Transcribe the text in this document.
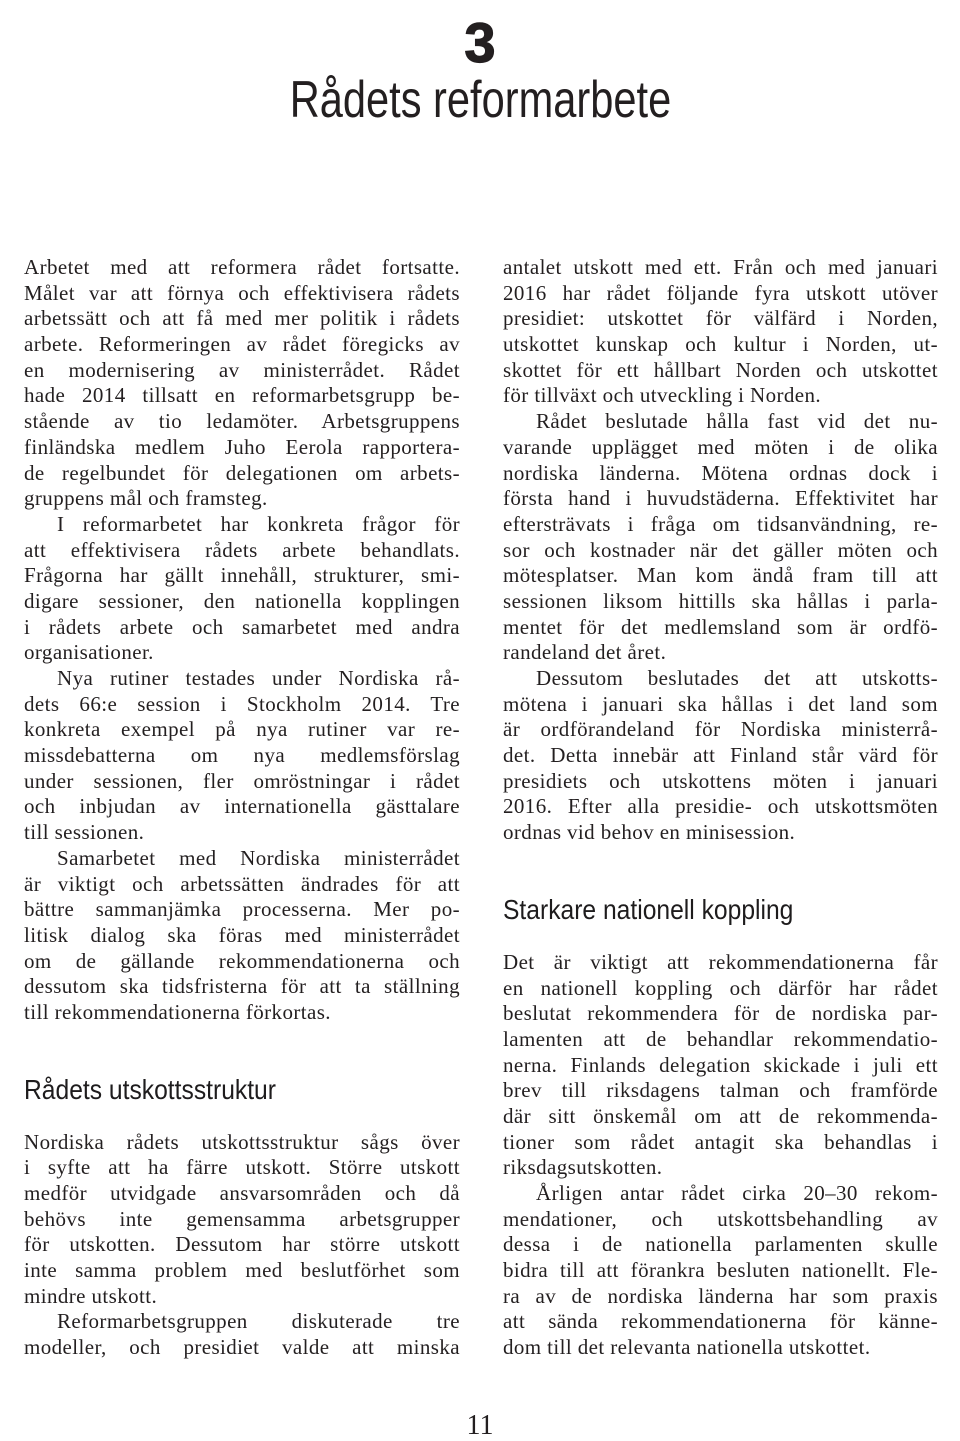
3
Rådets reformarbete
Arbetet med att reformera rådet fortsatte.
Målet var att förnya och effektivisera rådets
arbetssätt och att få med mer politik i rådets
arbete. Reformeringen av rådet föregicks av
en modernisering av ministerrådet. Rådet
hade 2014 tillsatt en reformarbetsgrupp be-
stående av tio ledamöter. Arbetsgruppens
finländska medlem Juho Eerola rapportera-
de regelbundet för delegationen om arbets-
gruppens mål och framsteg.
I reformarbetet har konkreta frågor för
att effektivisera rådets arbete behandlats.
Frågorna har gällt innehåll, strukturer, smi-
digare sessioner, den nationella kopplingen
i rådets arbete och samarbetet med andra
organisationer.
Nya rutiner testades under Nordiska rå-
dets 66:e session i Stockholm 2014. Tre
konkreta exempel på nya rutiner var re-
missdebatterna om nya medlemsförslag
under sessionen, fler omröstningar i rådet
och inbjudan av internationella gästtalare
till sessionen.
Samarbetet med Nordiska ministerrådet
är viktigt och arbetssätten ändrades för att
bättre sammanjämka processerna. Mer po-
litisk dialog ska föras med ministerrådet
om de gällande rekommendationerna och
dessutom ska tidsfristerna för att ta ställning
till rekommendationerna förkortas.
Rådets utskottsstruktur
Nordiska rådets utskottsstruktur sågs över
i syfte att ha färre utskott. Större utskott
medför utvidgade ansvarsområden och då
behövs inte gemensamma arbetsgrupper
för utskotten. Dessutom har större utskott
inte samma problem med beslutförhet som
mindre utskott.
Reformarbetsgruppen diskuterade tre
modeller, och presidiet valde att minska
antalet utskott med ett. Från och med januari
2016 har rådet följande fyra utskott utöver
presidiet: utskottet för välfärd i Norden,
utskottet kunskap och kultur i Norden, ut-
skottet för ett hållbart Norden och utskottet
för tillväxt och utveckling i Norden.
Rådet beslutade hålla fast vid det nu-
varande upplägget med möten i de olika
nordiska länderna. Mötena ordnas dock i
första hand i huvudstäderna. Effektivitet har
eftersträvats i fråga om tidsanvändning, re-
sor och kostnader när det gäller möten och
mötesplatser. Man kom ändå fram till att
sessionen liksom hittills ska hållas i parla-
mentet för det medlemsland som är ordfö-
randeland det året.
Dessutom beslutades det att utskotts-
mötena i januari ska hållas i det land som
är ordförandeland för Nordiska ministerrå-
det. Detta innebär att Finland står värd för
presidiets och utskottens möten i januari
2016. Efter alla presidie- och utskottsmöten
ordnas vid behov en minisession.
Starkare nationell koppling
Det är viktigt att rekommendationerna får
en nationell koppling och därför har rådet
beslutat rekommendera för de nordiska par-
lamenten att de behandlar rekommendatio-
nerna. Finlands delegation skickade i juli ett
brev till riksdagens talman och framförde
där sitt önskemål om att de rekommenda-
tioner som rådet antagit ska behandlas i
riksdagsutskotten.
Årligen antar rådet cirka 20–30 rekom-
mendationer, och utskottsbehandling av
dessa i de nationella parlamenten skulle
bidra till att förankra besluten nationellt. Fle-
ra av de nordiska länderna har som praxis
att sända rekommendationerna för känne-
dom till det relevanta nationella utskottet.
11
